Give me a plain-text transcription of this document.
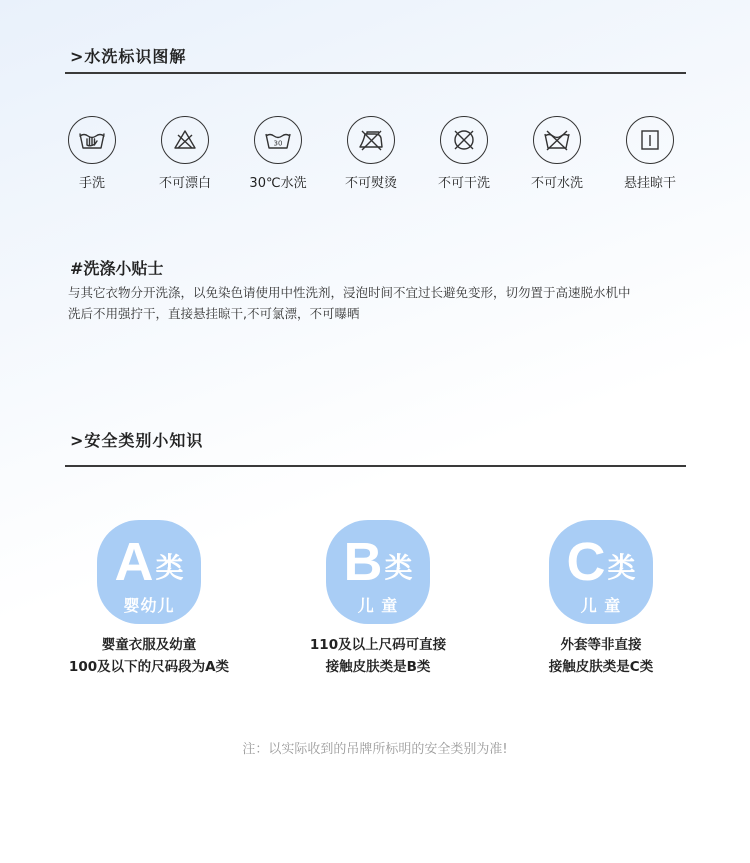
>水洗标识图解
手洗	不可漂白
30
30℃水洗	不可熨烫	不可干洗	不可水洗	悬挂晾干
#洗涤小贴士
与其它衣物分开洗涤，以免染色请使用中性洗剂，浸泡时间不宜过长避免变形，切勿置于高速脱水机中
洗后不用强拧干，直接悬挂晾干,不可氯漂，不可曝晒
>安全类别小知识
A 类
婴幼儿
婴童衣服及幼童
100及以下的尺码段为A类
B 类
儿 童
110及以上尺码可直接
接触皮肤类是B类
C 类
儿 童
外套等非直接
接触皮肤类是C类
注：以实际收到的吊牌所标明的安全类别为准!
